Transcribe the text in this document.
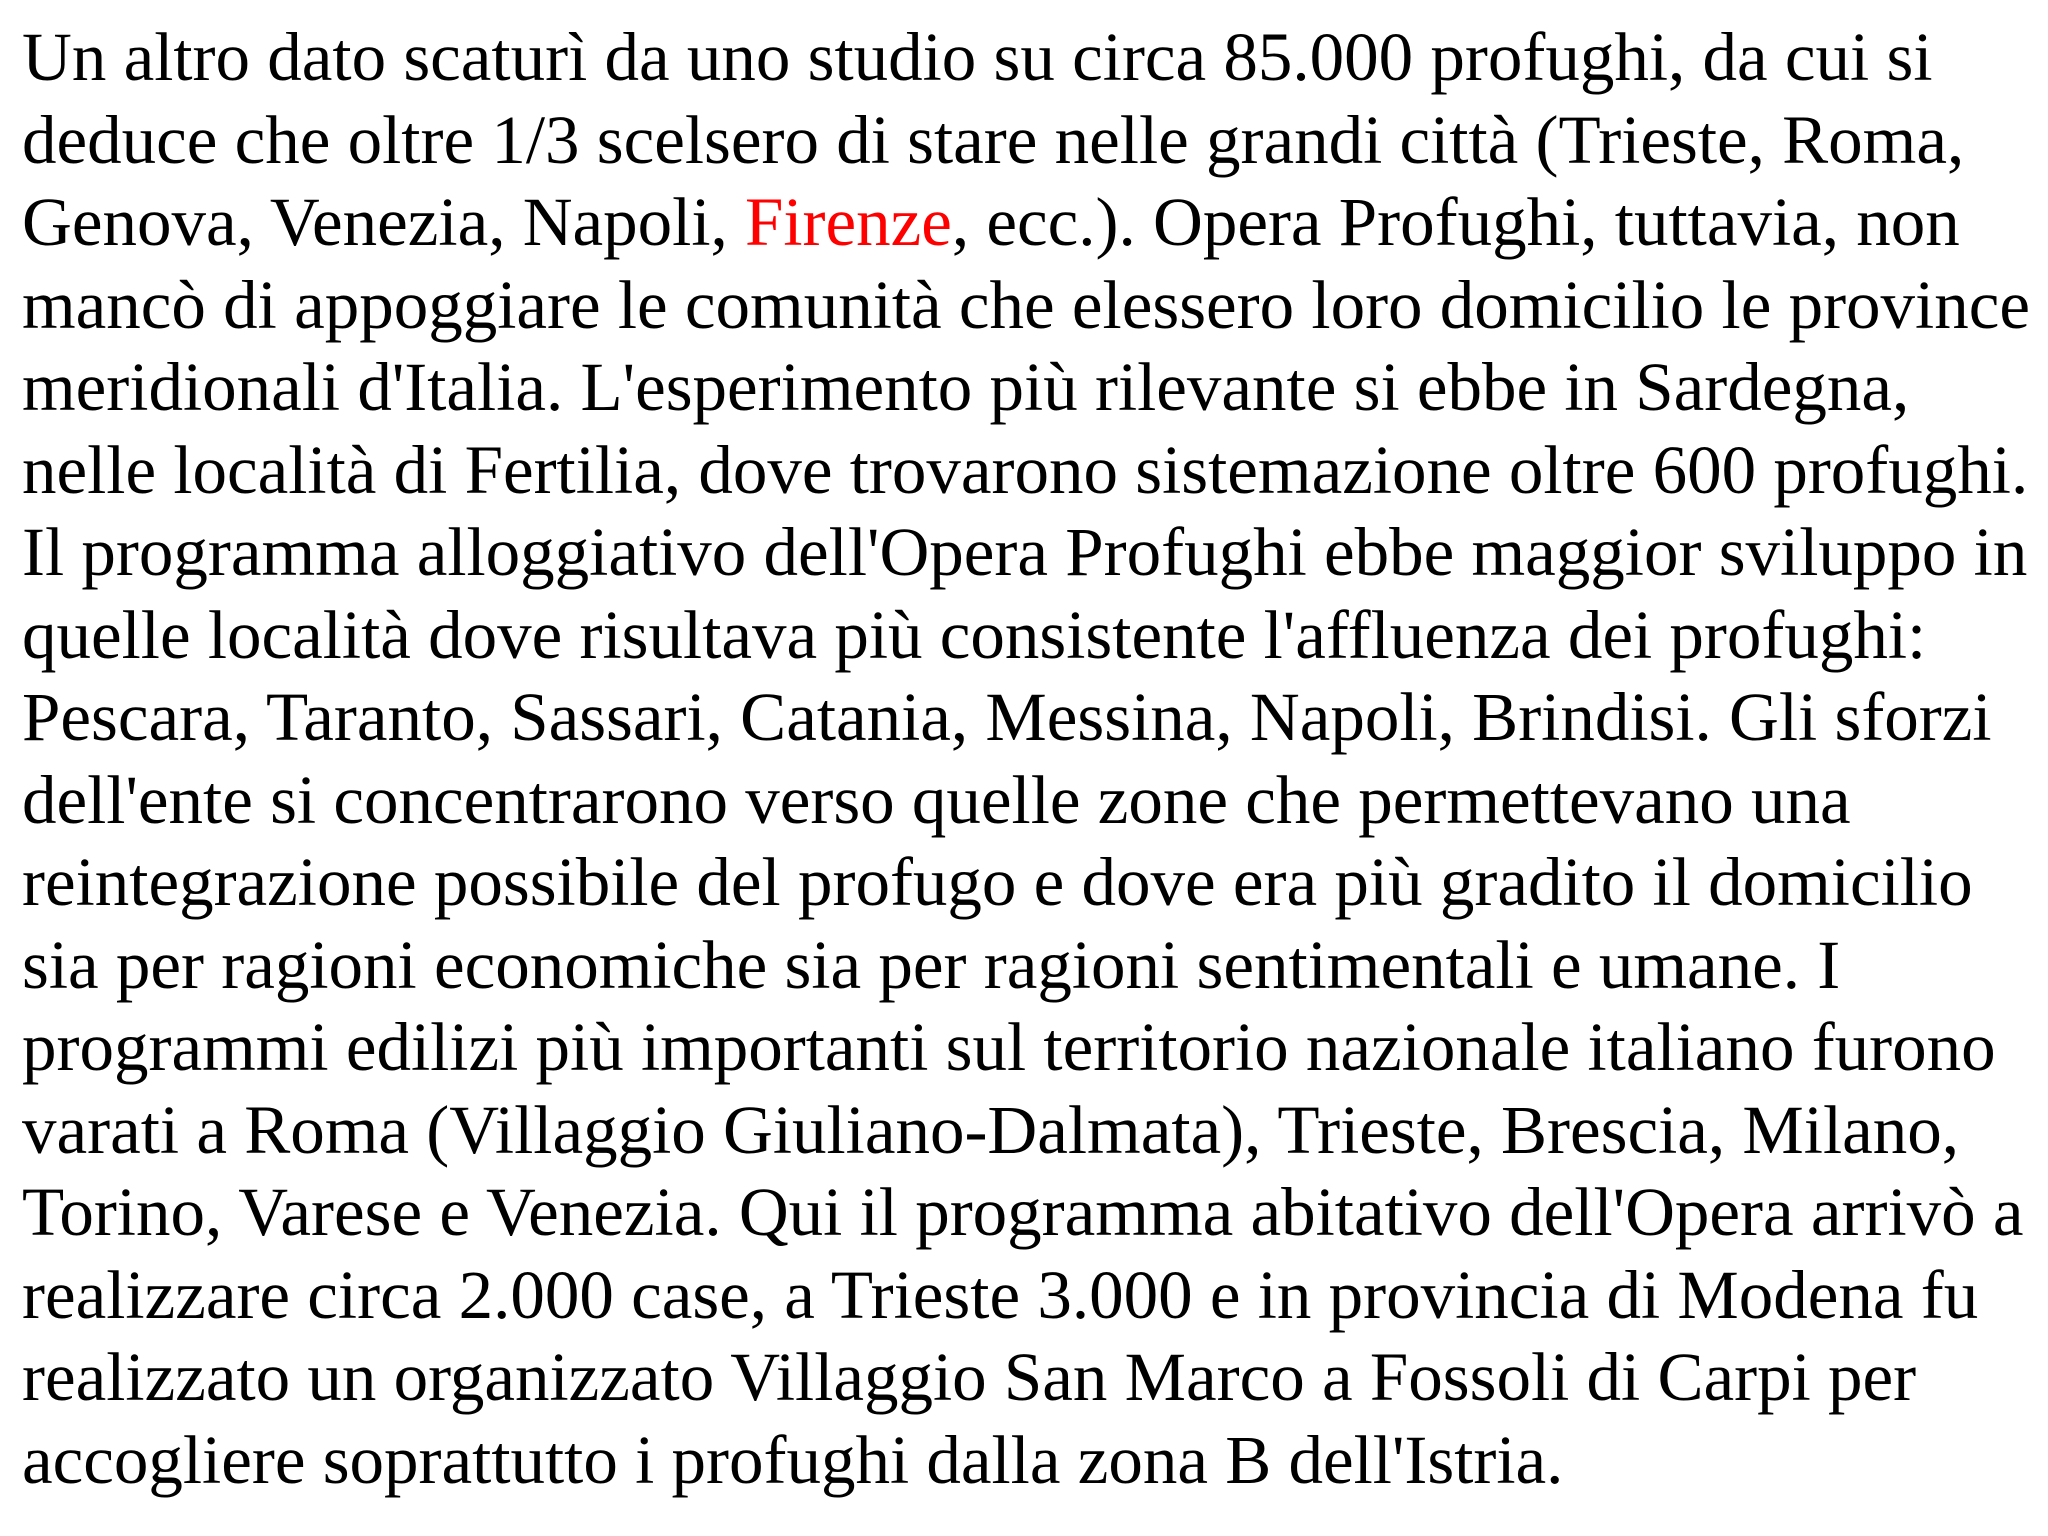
Un altro dato scaturì da uno studio su circa 85.000 profughi, da cui si
deduce che oltre 1/3 scelsero di stare nelle grandi città (Trieste, Roma,
Genova, Venezia, Napoli, Firenze, ecc.). Opera Profughi, tuttavia, non
mancò di appoggiare le comunità che elessero loro domicilio le province
meridionali d'Italia. L'esperimento più rilevante si ebbe in Sardegna,
nelle località di Fertilia, dove trovarono sistemazione oltre 600 profughi.
Il programma alloggiativo dell'Opera Profughi ebbe maggior sviluppo in
quelle località dove risultava più consistente l'affluenza dei profughi:
Pescara, Taranto, Sassari, Catania, Messina, Napoli, Brindisi. Gli sforzi
dell'ente si concentrarono verso quelle zone che permettevano una
reintegrazione possibile del profugo e dove era più gradito il domicilio
sia per ragioni economiche sia per ragioni sentimentali e umane. I
programmi edilizi più importanti sul territorio nazionale italiano furono
varati a Roma (Villaggio Giuliano-Dalmata), Trieste, Brescia, Milano,
Torino, Varese e Venezia. Qui il programma abitativo dell'Opera arrivò a
realizzare circa 2.000 case, a Trieste 3.000 e in provincia di Modena fu
realizzato un organizzato Villaggio San Marco a Fossoli di Carpi per
accogliere soprattutto i profughi dalla zona B dell'Istria.
